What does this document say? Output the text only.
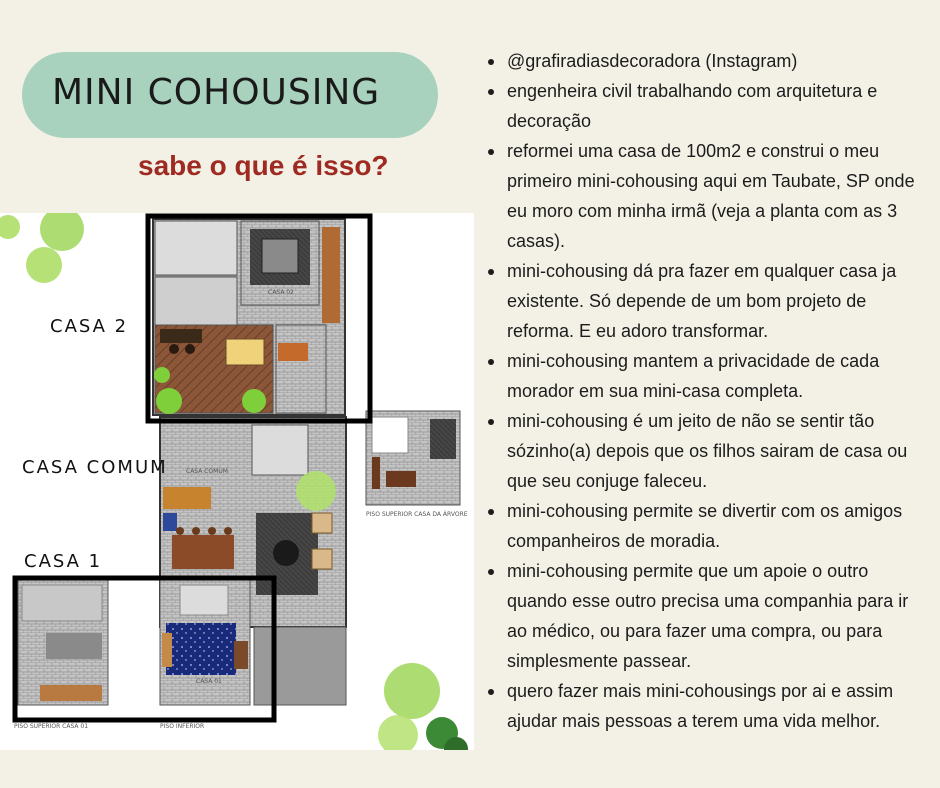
MINI COHOUSING
sabe o que é isso?
CASA 02
CASA COMUM
CASA 01
PISO SUPERIOR CASA DA ÁRVORE
PISO SUPERIOR CASA 01	PISO INFERIOR
CASA 2
CASA COMUM
CASA 1
@grafiradiasdecoradora (Instagram)
engenheira civil trabalhando com arquitetura e decoração
reformei uma casa de 100m2 e construi o meu primeiro mini-cohousing aqui em Taubate, SP onde eu moro com minha irmã (veja a planta com as 3 casas).
mini-cohousing dá pra fazer em qualquer casa ja existente. Só depende de um bom projeto de reforma. E eu adoro transformar.
mini-cohousing mantem a privacidade de cada morador em sua mini-casa completa.
mini-cohousing é um jeito de não se sentir tão sózinho(a) depois que os filhos sairam de casa ou que seu conjuge faleceu.
mini-cohousing permite se divertir com os amigos companheiros de moradia.
mini-cohousing permite que um apoie o outro quando esse outro precisa uma companhia para ir ao médico, ou para fazer uma compra, ou para simplesmente passear.
quero fazer mais mini-cohousings por ai e assim ajudar mais pessoas a terem uma vida melhor.
